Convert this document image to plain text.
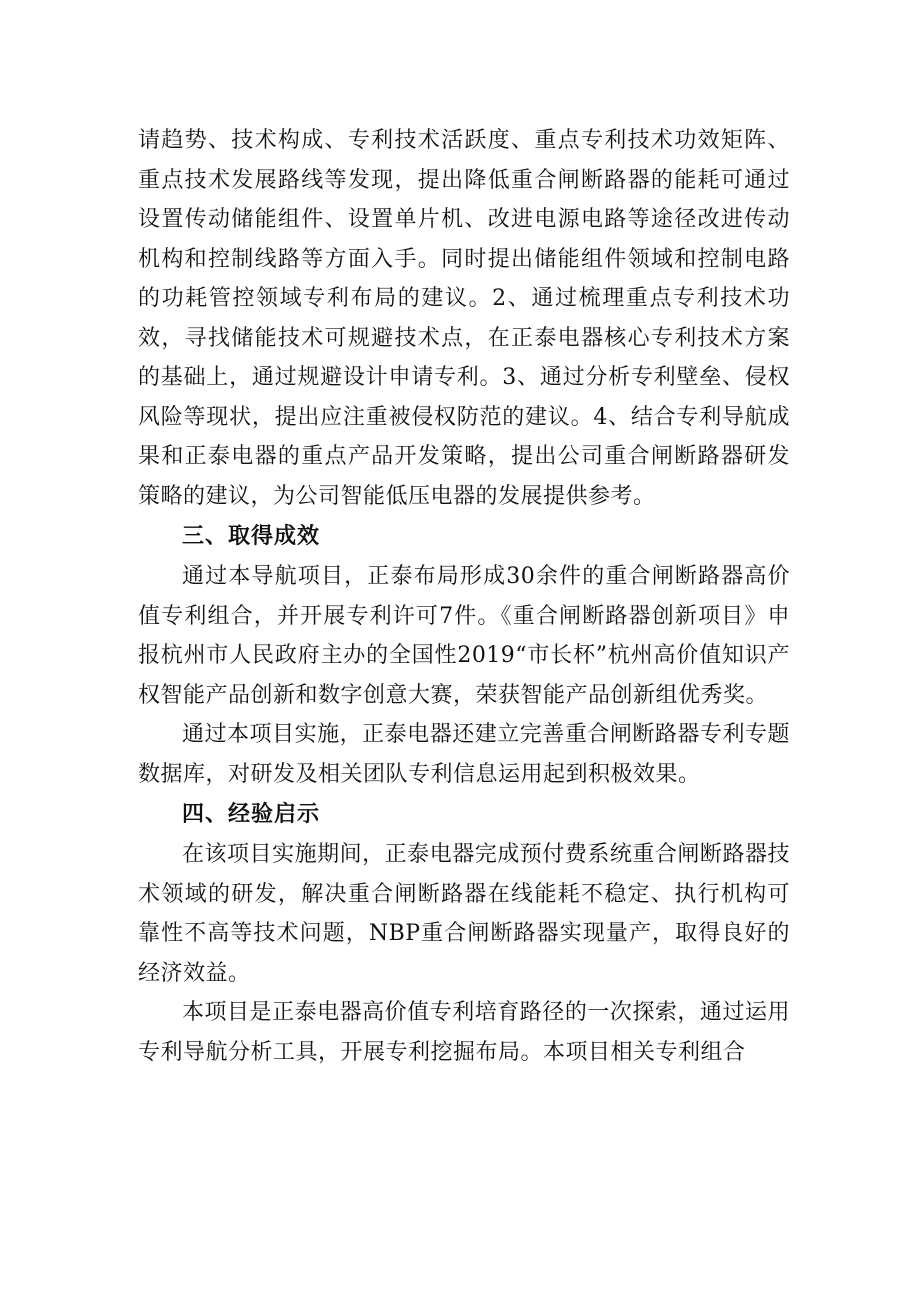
请趋势、技术构成、专利技术活跃度、重点专利技术功效矩阵、重点技术发展路线等发现，提出降低重合闸断路器的能耗可通过设置传动储能组件、设置单片机、改进电源电路等途径改进传动机构和控制线路等方面入手。同时提出储能组件领域和控制电路的功耗管控领域专利布局的建议。2、通过梳理重点专利技术功效，寻找储能技术可规避技术点，在正泰电器核心专利技术方案的基础上，通过规避设计申请专利。3、通过分析专利壁垒、侵权风险等现状，提出应注重被侵权防范的建议。4、结合专利导航成果和正泰电器的重点产品开发策略，提出公司重合闸断路器研发策略的建议，为公司智能低压电器的发展提供参考。

三、取得成效

通过本导航项目，正泰布局形成30余件的重合闸断路器高价值专利组合，并开展专利许可7件。《重合闸断路器创新项目》申报杭州市人民政府主办的全国性2019“市长杯”杭州高价值知识产权智能产品创新和数字创意大赛，荣获智能产品创新组优秀奖。

通过本项目实施，正泰电器还建立完善重合闸断路器专利专题数据库，对研发及相关团队专利信息运用起到积极效果。

四、经验启示

在该项目实施期间，正泰电器完成预付费系统重合闸断路器技术领域的研发，解决重合闸断路器在线能耗不稳定、执行机构可靠性不高等技术问题，NBP重合闸断路器实现量产，取得良好的经济效益。

本项目是正泰电器高价值专利培育路径的一次探索，通过运用专利导航分析工具，开展专利挖掘布局。本项目相关专利组合
